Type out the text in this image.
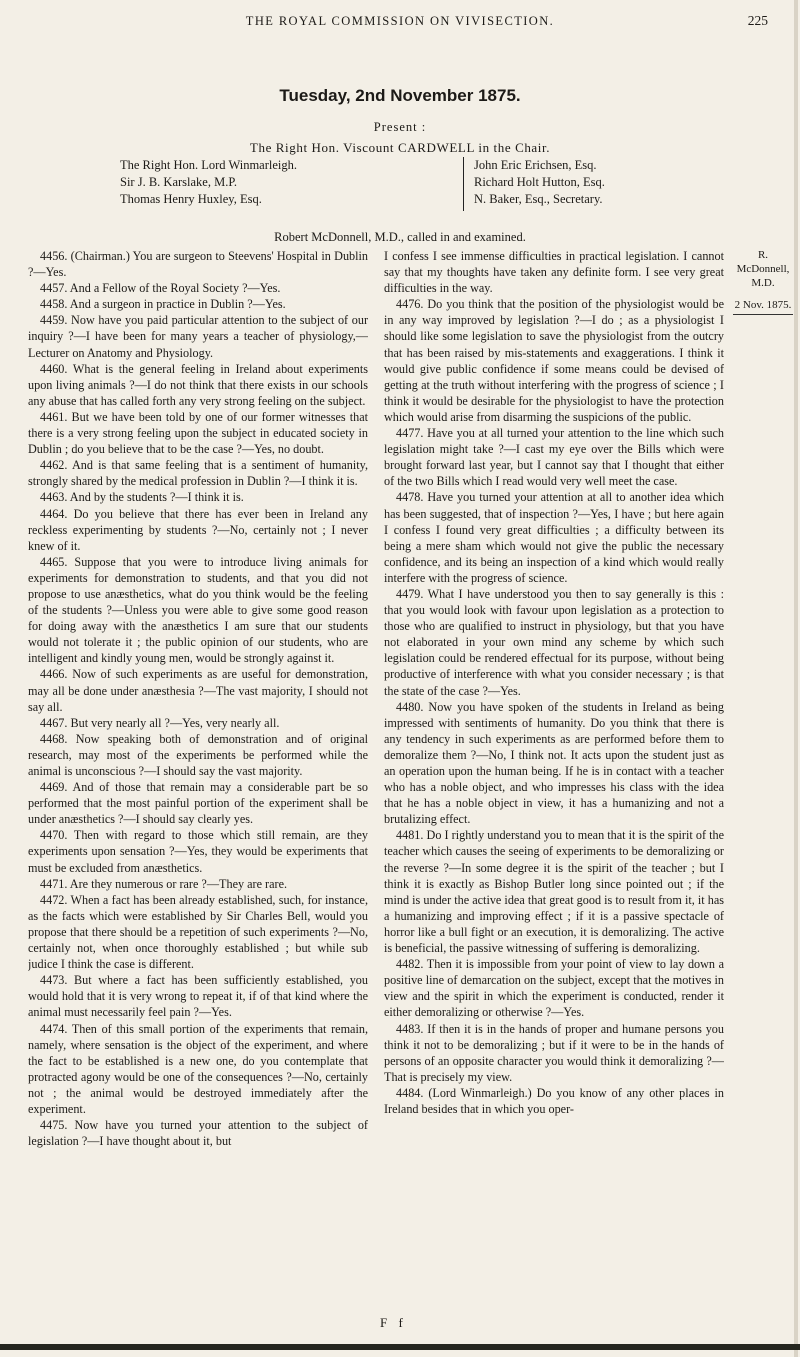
THE ROYAL COMMISSION ON VIVISECTION.	225
Tuesday, 2nd November 1875.
Present :
The Right Hon. Viscount CARDWELL in the Chair.
The Right Hon. Lord Winmarleigh.
Sir J. B. Karslake, M.P.
Thomas Henry Huxley, Esq.
John Eric Erichsen, Esq.
Richard Holt Hutton, Esq.
N. Baker, Esq., Secretary.
Robert McDonnell, M.D., called in and examined.

4456. (Chairman.) You are surgeon to Steevens' Hospital in Dublin ?—Yes.

4457. And a Fellow of the Royal Society ?—Yes.

4458. And a surgeon in practice in Dublin ?—Yes.

4459. Now have you paid particular attention to the subject of our inquiry ?—I have been for many years a teacher of physiology,—Lecturer on Anatomy and Physiology.

4460. What is the general feeling in Ireland about experiments upon living animals ?—I do not think that there exists in our schools any abuse that has called forth any very strong feeling on the subject.

4461. But we have been told by one of our former witnesses that there is a very strong feeling upon the subject in educated society in Dublin ; do you believe that to be the case ?—Yes, no doubt.

4462. And is that same feeling that is a sentiment of humanity, strongly shared by the medical profession in Dublin ?—I think it is.

4463. And by the students ?—I think it is.

4464. Do you believe that there has ever been in Ireland any reckless experimenting by students ?—No, certainly not ; I never knew of it.

4465. Suppose that you were to introduce living animals for experiments for demonstration to students, and that you did not propose to use anæsthetics, what do you think would be the feeling of the students ?—Unless you were able to give some good reason for doing away with the anæsthetics I am sure that our students would not tolerate it ; the public opinion of our students, who are intelligent and kindly young men, would be strongly against it.

4466. Now of such experiments as are useful for demonstration, may all be done under anæsthesia ?—The vast majority, I should not say all.

4467. But very nearly all ?—Yes, very nearly all.

4468. Now speaking both of demonstration and of original research, may most of the experiments be performed while the animal is unconscious ?—I should say the vast majority.

4469. And of those that remain may a considerable part be so performed that the most painful portion of the experiment shall be under anæsthetics ?—I should say clearly yes.

4470. Then with regard to those which still remain, are they experiments upon sensation ?—Yes, they would be experiments that must be excluded from anæsthetics.

4471. Are they numerous or rare ?—They are rare.

4472. When a fact has been already established, such, for instance, as the facts which were established by Sir Charles Bell, would you propose that there should be a repetition of such experiments ?—No, certainly not, when once thoroughly established ; but while sub judice I think the case is different.

4473. But where a fact has been sufficiently established, you would hold that it is very wrong to repeat it, if of that kind where the animal must necessarily feel pain ?—Yes.

4474. Then of this small portion of the experiments that remain, namely, where sensation is the object of the experiment, and where the fact to be established is a new one, do you contemplate that protracted agony would be one of the consequences ?—No, certainly not ; the animal would be destroyed immediately after the experiment.

4475. Now have you turned your attention to the subject of legislation ?—I have thought about it, but

I confess I see immense difficulties in practical legislation. I cannot say that my thoughts have taken any definite form. I see very great difficulties in the way.

4476. Do you think that the position of the physiologist would be in any way improved by legislation ?—I do ; as a physiologist I should like some legislation to save the physiologist from the outcry that has been raised by mis-statements and exaggerations. I think it would give public confidence if some means could be devised of getting at the truth without interfering with the progress of science ; I think it would be desirable for the physiologist to have the protection which would arise from disarming the suspicions of the public.

4477. Have you at all turned your attention to the line which such legislation might take ?—I cast my eye over the Bills which were brought forward last year, but I cannot say that I thought that either of the two Bills which I read would very well meet the case.

4478. Have you turned your attention at all to another idea which has been suggested, that of inspection ?—Yes, I have ; but here again I confess I found very great difficulties ; a difficulty between its being a mere sham which would not give the public the necessary confidence, and its being an inspection of a kind which would really interfere with the progress of science.

4479. What I have understood you then to say generally is this : that you would look with favour upon legislation as a protection to those who are qualified to instruct in physiology, but that you have not elaborated in your own mind any scheme by which such legislation could be rendered effectual for its purpose, without being productive of interference with what you consider necessary ; is that the state of the case ?—Yes.

4480. Now you have spoken of the students in Ireland as being impressed with sentiments of humanity. Do you think that there is any tendency in such experiments as are performed before them to demoralize them ?—No, I think not. It acts upon the student just as an operation upon the human being. If he is in contact with a teacher who has a noble object, and who impresses his class with the idea that he has a noble object in view, it has a humanizing and not a brutalizing effect.

4481. Do I rightly understand you to mean that it is the spirit of the teacher which causes the seeing of experiments to be demoralizing or the reverse ?—In some degree it is the spirit of the teacher ; but I think it is exactly as Bishop Butler long since pointed out ; if the mind is under the active idea that great good is to result from it, it has a humanizing and improving effect ; if it is a passive spectacle of horror like a bull fight or an execution, it is demoralizing. The active is beneficial, the passive witnessing of suffering is demoralizing.

4482. Then it is impossible from your point of view to lay down a positive line of demarcation on the subject, except that the motives in view and the spirit in which the experiment is conducted, render it either demoralizing or otherwise ?—Yes.

4483. If then it is in the hands of proper and humane persons you think it not to be demoralizing ; but if it were to be in the hands of persons of an opposite character you would think it demoralizing ?—That is precisely my view.

4484. (Lord Winmarleigh.) Do you know of any other places in Ireland besides that in which you oper-

R. McDonnell, M.D.
2 Nov. 1875.
F f
